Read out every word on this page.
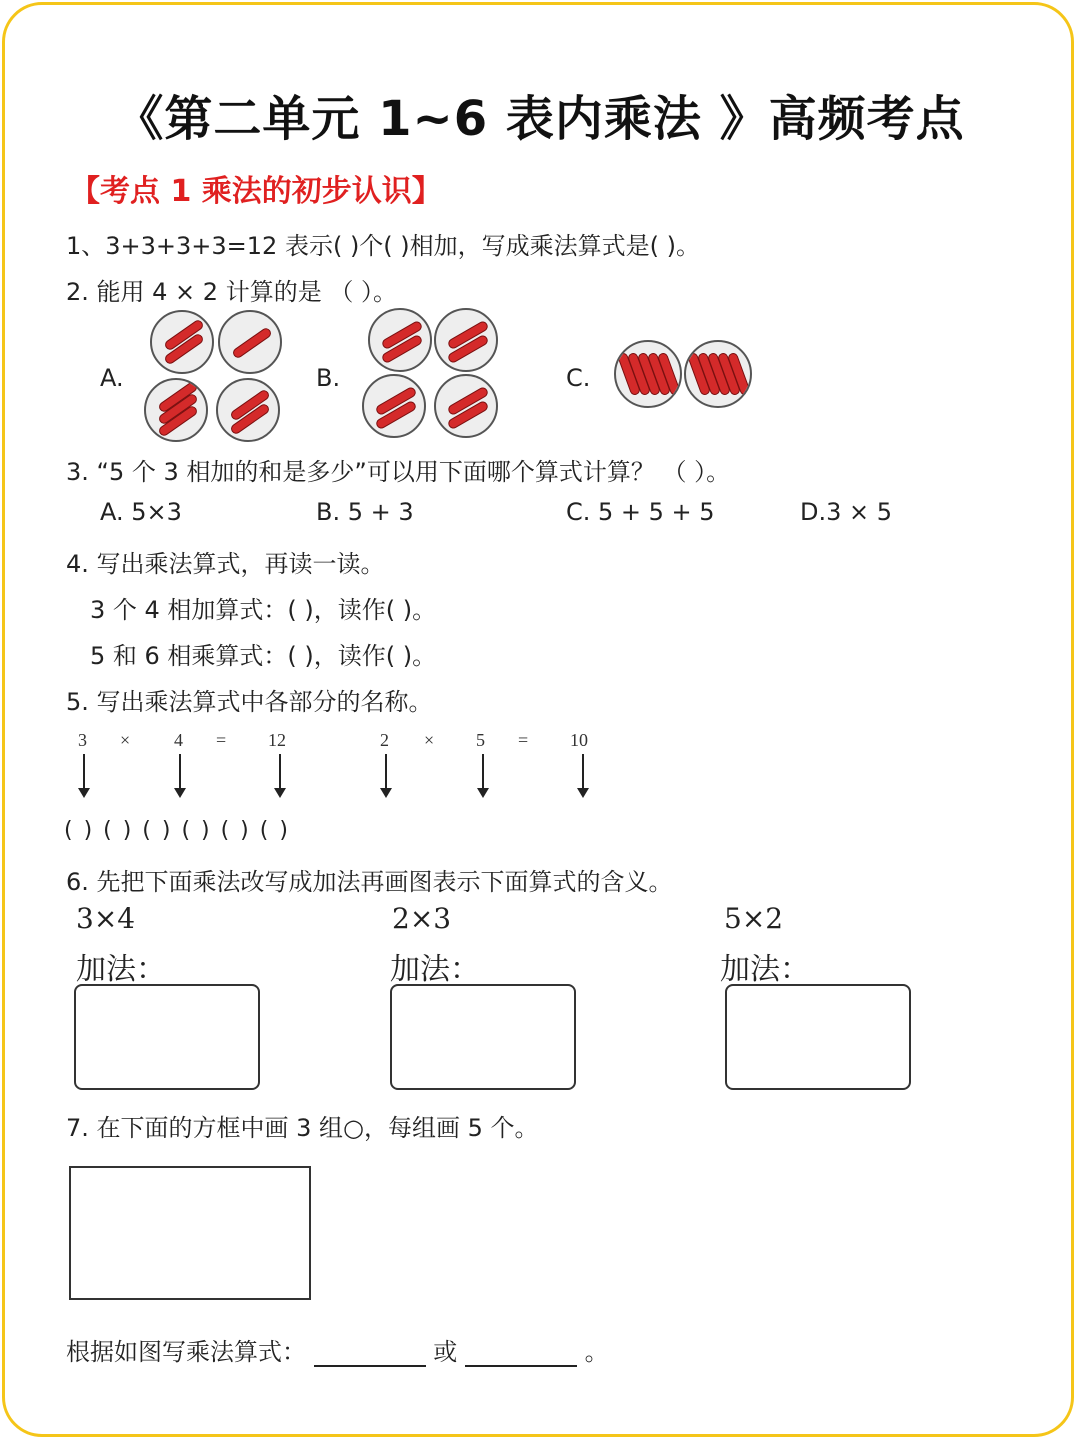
《第二单元 1~6 表内乘法 》高频考点
【考点 1 乘法的初步认识】
1、3+3+3+3=12 表示( )个( )相加，写成乘法算式是( )。
2. 能用 4 × 2 计算的是 （ ）。
A.	B.	C.
3. “5 个 3 相加的和是多少”可以用下面哪个算式计算？ （ ）。
A. 5×3	B. 5 + 3	C. 5 + 5 + 5	D.3 × 5
4. 写出乘法算式，再读一读。
3 个 4 相加算式：( )，读作( )。
5 和 6 相乘算式：( )，读作( )。
5. 写出乘法算式中各部分的名称。
3 × 4 = 12	2 × 5 = 10
( ) ( ) ( ) ( ) ( ) ( )
6. 先把下面乘法改写成加法再画图表示下面算式的含义。
3×4
加法：
2×3
加法：
5×2
加法：
7. 在下面的方框中画 3 组○，每组画 5 个。
根据如图写乘法算式：	或	。
